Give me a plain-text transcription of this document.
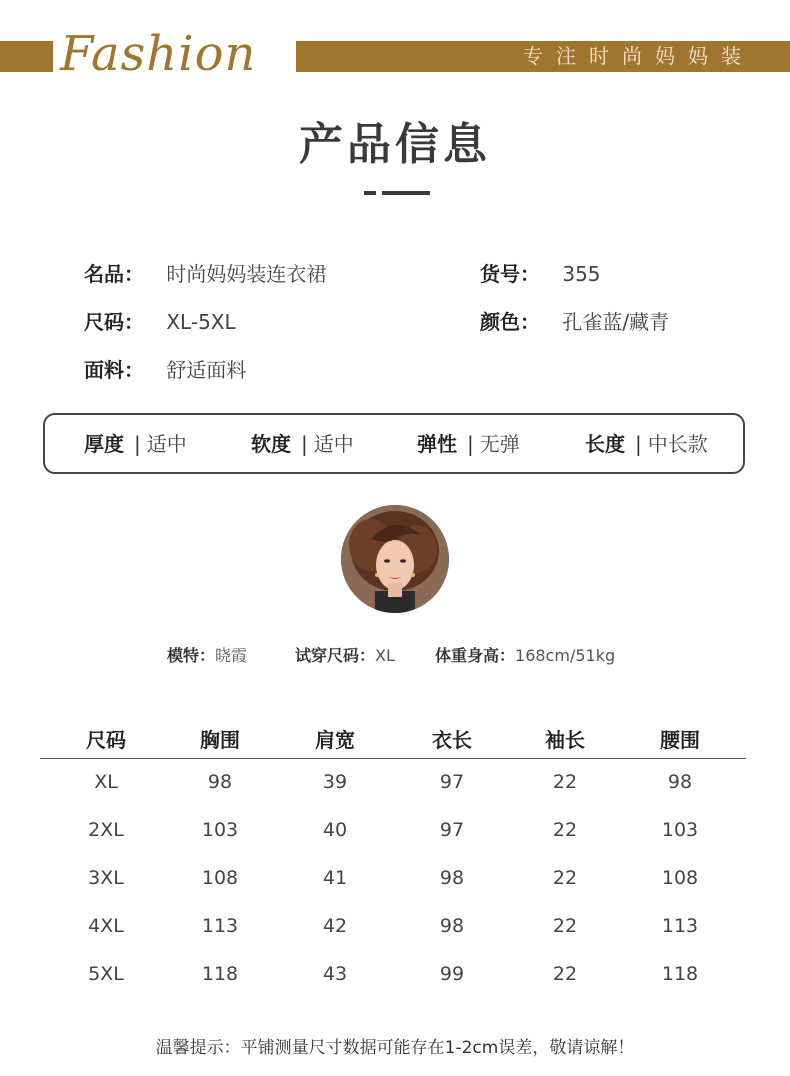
Fashion	专注时尚妈妈装
产品信息
名品： 时尚妈妈装连衣裙	货号： 355
尺码： XL-5XL	颜色： 孔雀蓝/藏青
面料： 舒适面料
厚度 | 适中	软度 | 适中	弹性 | 无弹	长度 | 中长款
模特：晓霞	试穿尺码：XL	体重身高：168cm/51kg
尺码	胸围	肩宽	衣长	袖长	腰围
XL	98	39	97	22	98
2XL	103	40	97	22	103
3XL	108	41	98	22	108
4XL	113	42	98	22	113
5XL	118	43	99	22	118
温馨提示：平铺测量尺寸数据可能存在1-2cm误差，敬请谅解！
